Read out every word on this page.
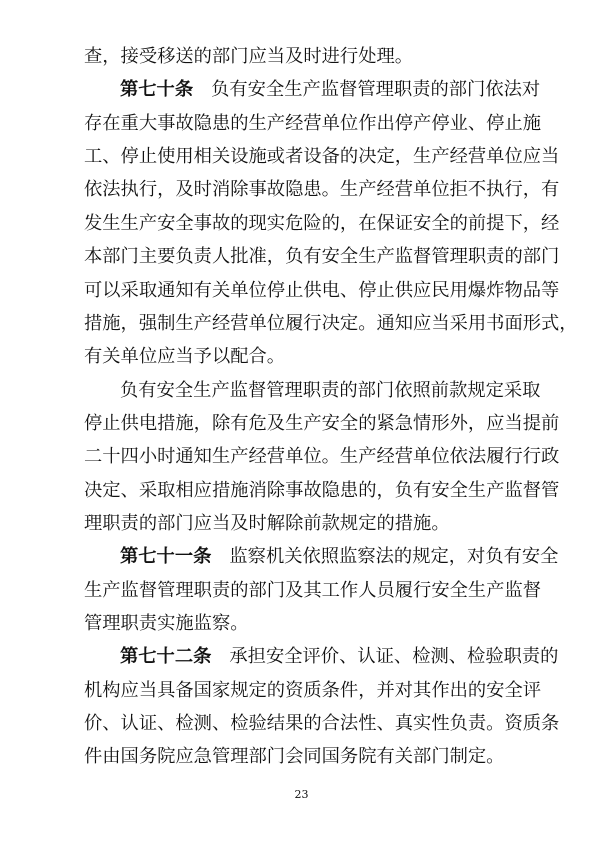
查，接受移送的部门应当及时进行处理。
第七十条 负有安全生产监督管理职责的部门依法对
存在重大事故隐患的生产经营单位作出停产停业、停止施
工、停止使用相关设施或者设备的决定，生产经营单位应当
依法执行，及时消除事故隐患。生产经营单位拒不执行，有
发生生产安全事故的现实危险的，在保证安全的前提下，经
本部门主要负责人批准，负有安全生产监督管理职责的部门
可以采取通知有关单位停止供电、停止供应民用爆炸物品等
措施，强制生产经营单位履行决定。通知应当采用书面形式，
有关单位应当予以配合。
负有安全生产监督管理职责的部门依照前款规定采取
停止供电措施，除有危及生产安全的紧急情形外，应当提前
二十四小时通知生产经营单位。生产经营单位依法履行行政
决定、采取相应措施消除事故隐患的，负有安全生产监督管
理职责的部门应当及时解除前款规定的措施。
第七十一条 监察机关依照监察法的规定，对负有安全
生产监督管理职责的部门及其工作人员履行安全生产监督
管理职责实施监察。
第七十二条 承担安全评价、认证、检测、检验职责的
机构应当具备国家规定的资质条件，并对其作出的安全评
价、认证、检测、检验结果的合法性、真实性负责。资质条
件由国务院应急管理部门会同国务院有关部门制定。
23
